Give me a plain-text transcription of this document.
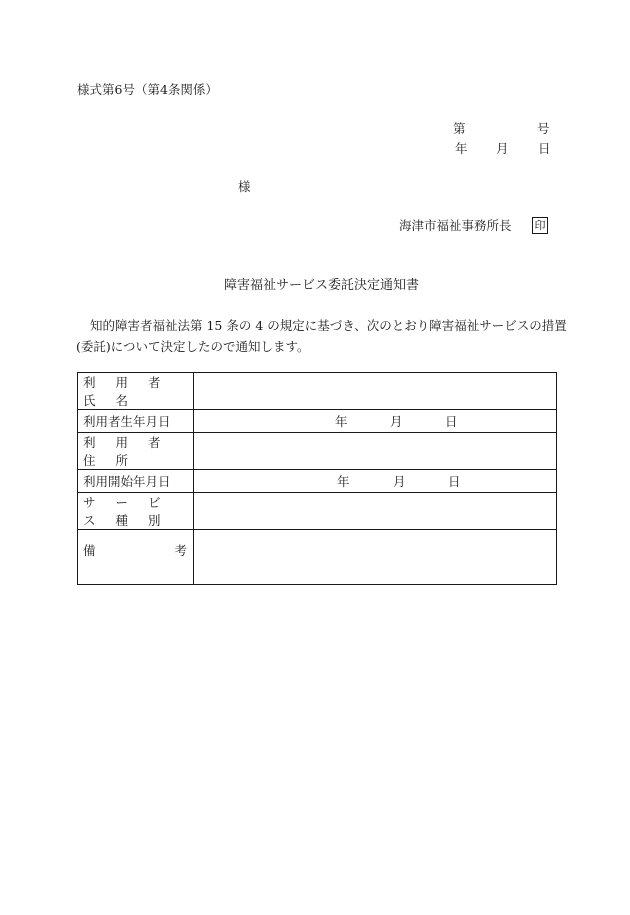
様式第6号（第4条関係）
第	号
年 月 日
様
海津市福祉事務所長 印
障害福祉サービス委託決定通知書
知的障害者福祉法第 15 条の 4 の規定に基づき、次のとおり障害福祉サービスの措置(委託)について決定したので通知します。
利 用 者 氏 名	
利用者生年月日	年 月 日

利 用 者 住 所	
利用開始年月日	年 月 日

サ ー ビ ス 種 別	

備 考	
